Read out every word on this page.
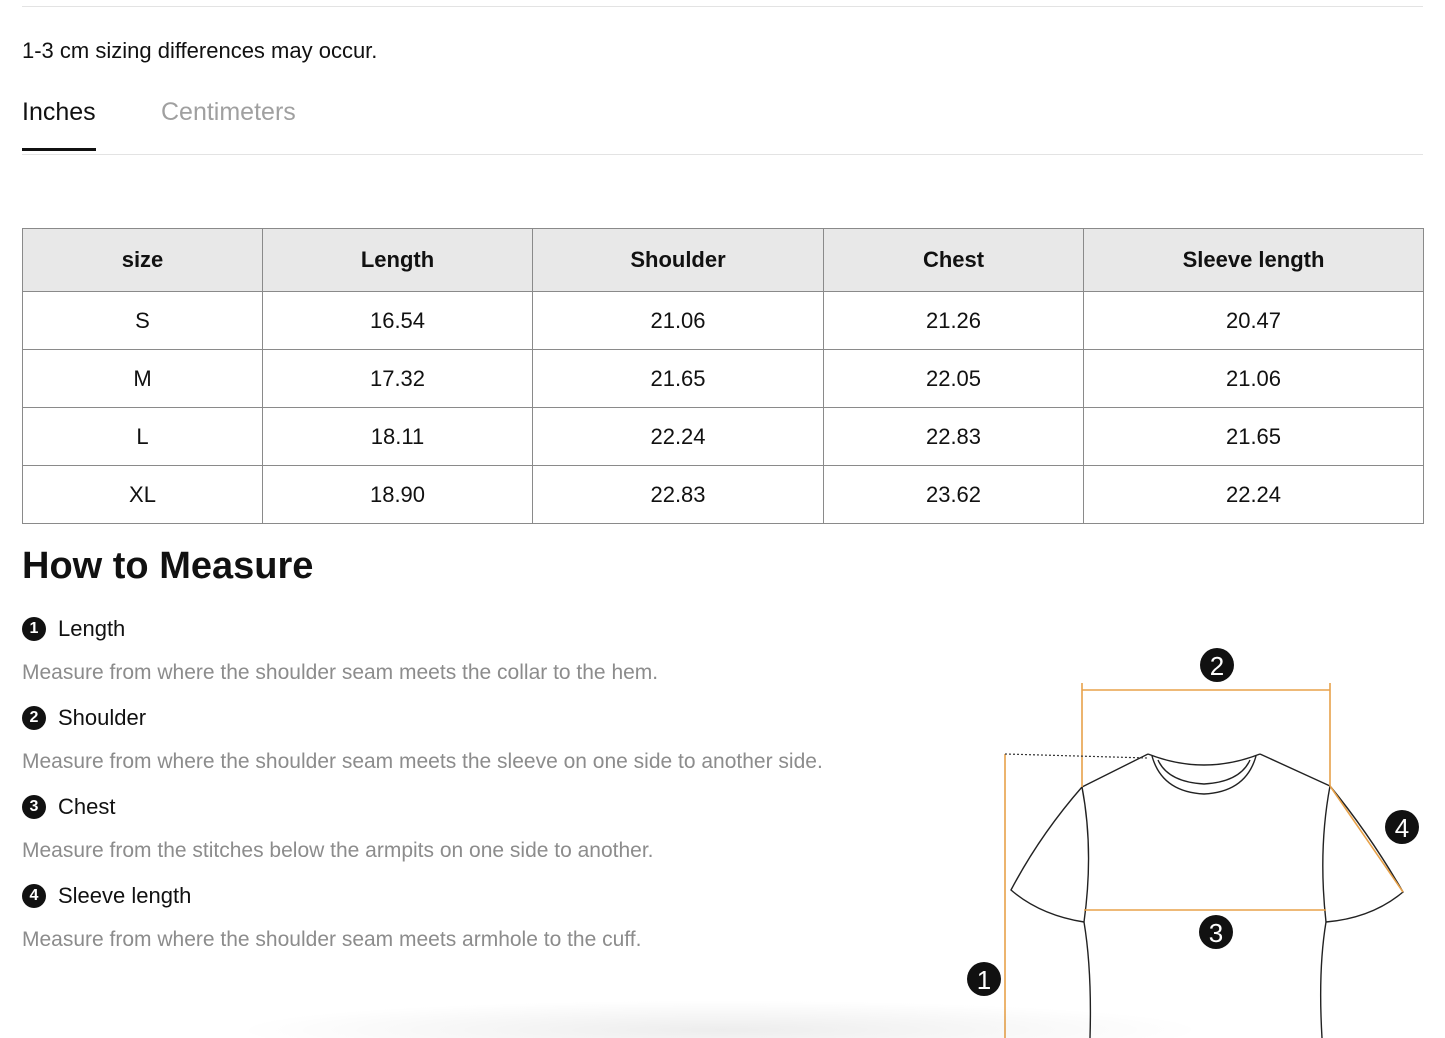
1-3 cm sizing differences may occur.
Inches	Centimeters
size	Length	Shoulder	Chest	Sleeve length
S	16.54	21.06	21.26	20.47
M	17.32	21.65	22.05	21.06
L	18.11	22.24	22.83	21.65
XL	18.90	22.83	23.62	22.24
How to Measure
1 Length
Measure from where the shoulder seam meets the collar to the hem.
2 Shoulder
Measure from where the shoulder seam meets the sleeve on one side to another side.
3 Chest
Measure from the stitches below the armpits on one side to another.
4 Sleeve length
Measure from where the shoulder seam meets armhole to the cuff.
1
2
3
4
